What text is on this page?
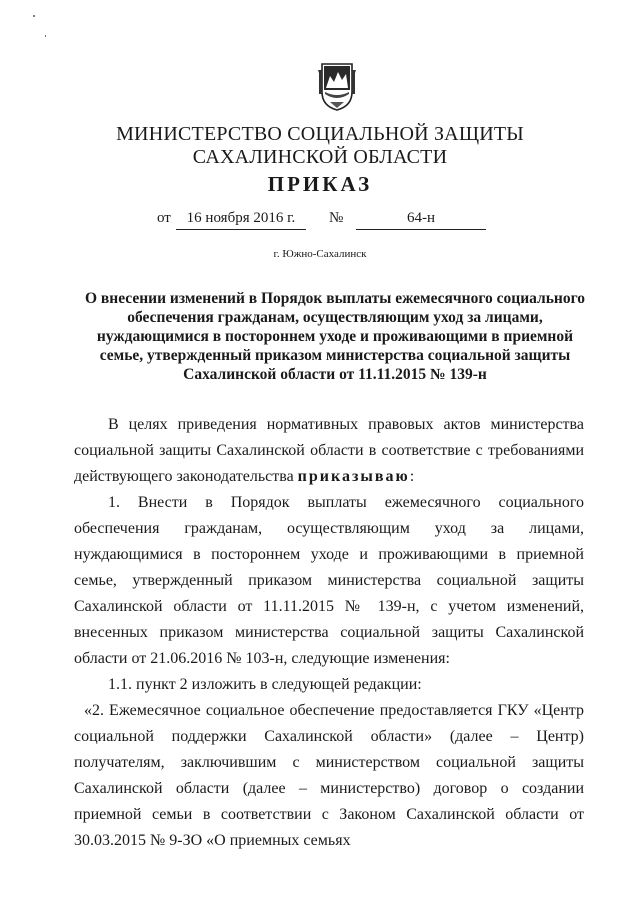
МИНИСТЕРСТВО СОЦИАЛЬНОЙ ЗАЩИТЫ
САХАЛИНСКОЙ ОБЛАСТИ
ПРИКАЗ
от	16 ноября 2016 г.	№	64-н
г. Южно-Сахалинск
О внесении изменений в Порядок выплаты ежемесячного социального
обеспечения гражданам, осуществляющим уход за лицами,
нуждающимися в постороннем уходе и проживающими в приемной
семье, утвержденный приказом министерства социальной защиты
Сахалинской области от 11.11.2015 № 139-н

В целях приведения нормативных правовых актов министерства социальной защиты Сахалинской области в соответствие с требованиями действующего законодательства приказываю:

1. Внести в Порядок выплаты ежемесячного социального обеспечения гражданам, осуществляющим уход за лицами, нуждающимися в постороннем уходе и проживающими в приемной семье, утвержденный приказом министерства социальной защиты Сахалинской области от 11.11.2015 № 139-н, с учетом изменений, внесенных приказом министерства социальной защиты Сахалинской области от 21.06.2016 № 103-н, следующие изменения:

1.1. пункт 2 изложить в следующей редакции:

«2. Ежемесячное социальное обеспечение предоставляется ГКУ «Центр социальной поддержки Сахалинской области» (далее – Центр) получателям, заключившим с министерством социальной защиты Сахалинской области (далее – министерство) договор о создании приемной семьи в соответствии с Законом Сахалинской области от 30.03.2015 № 9-ЗО «О приемных семьях
